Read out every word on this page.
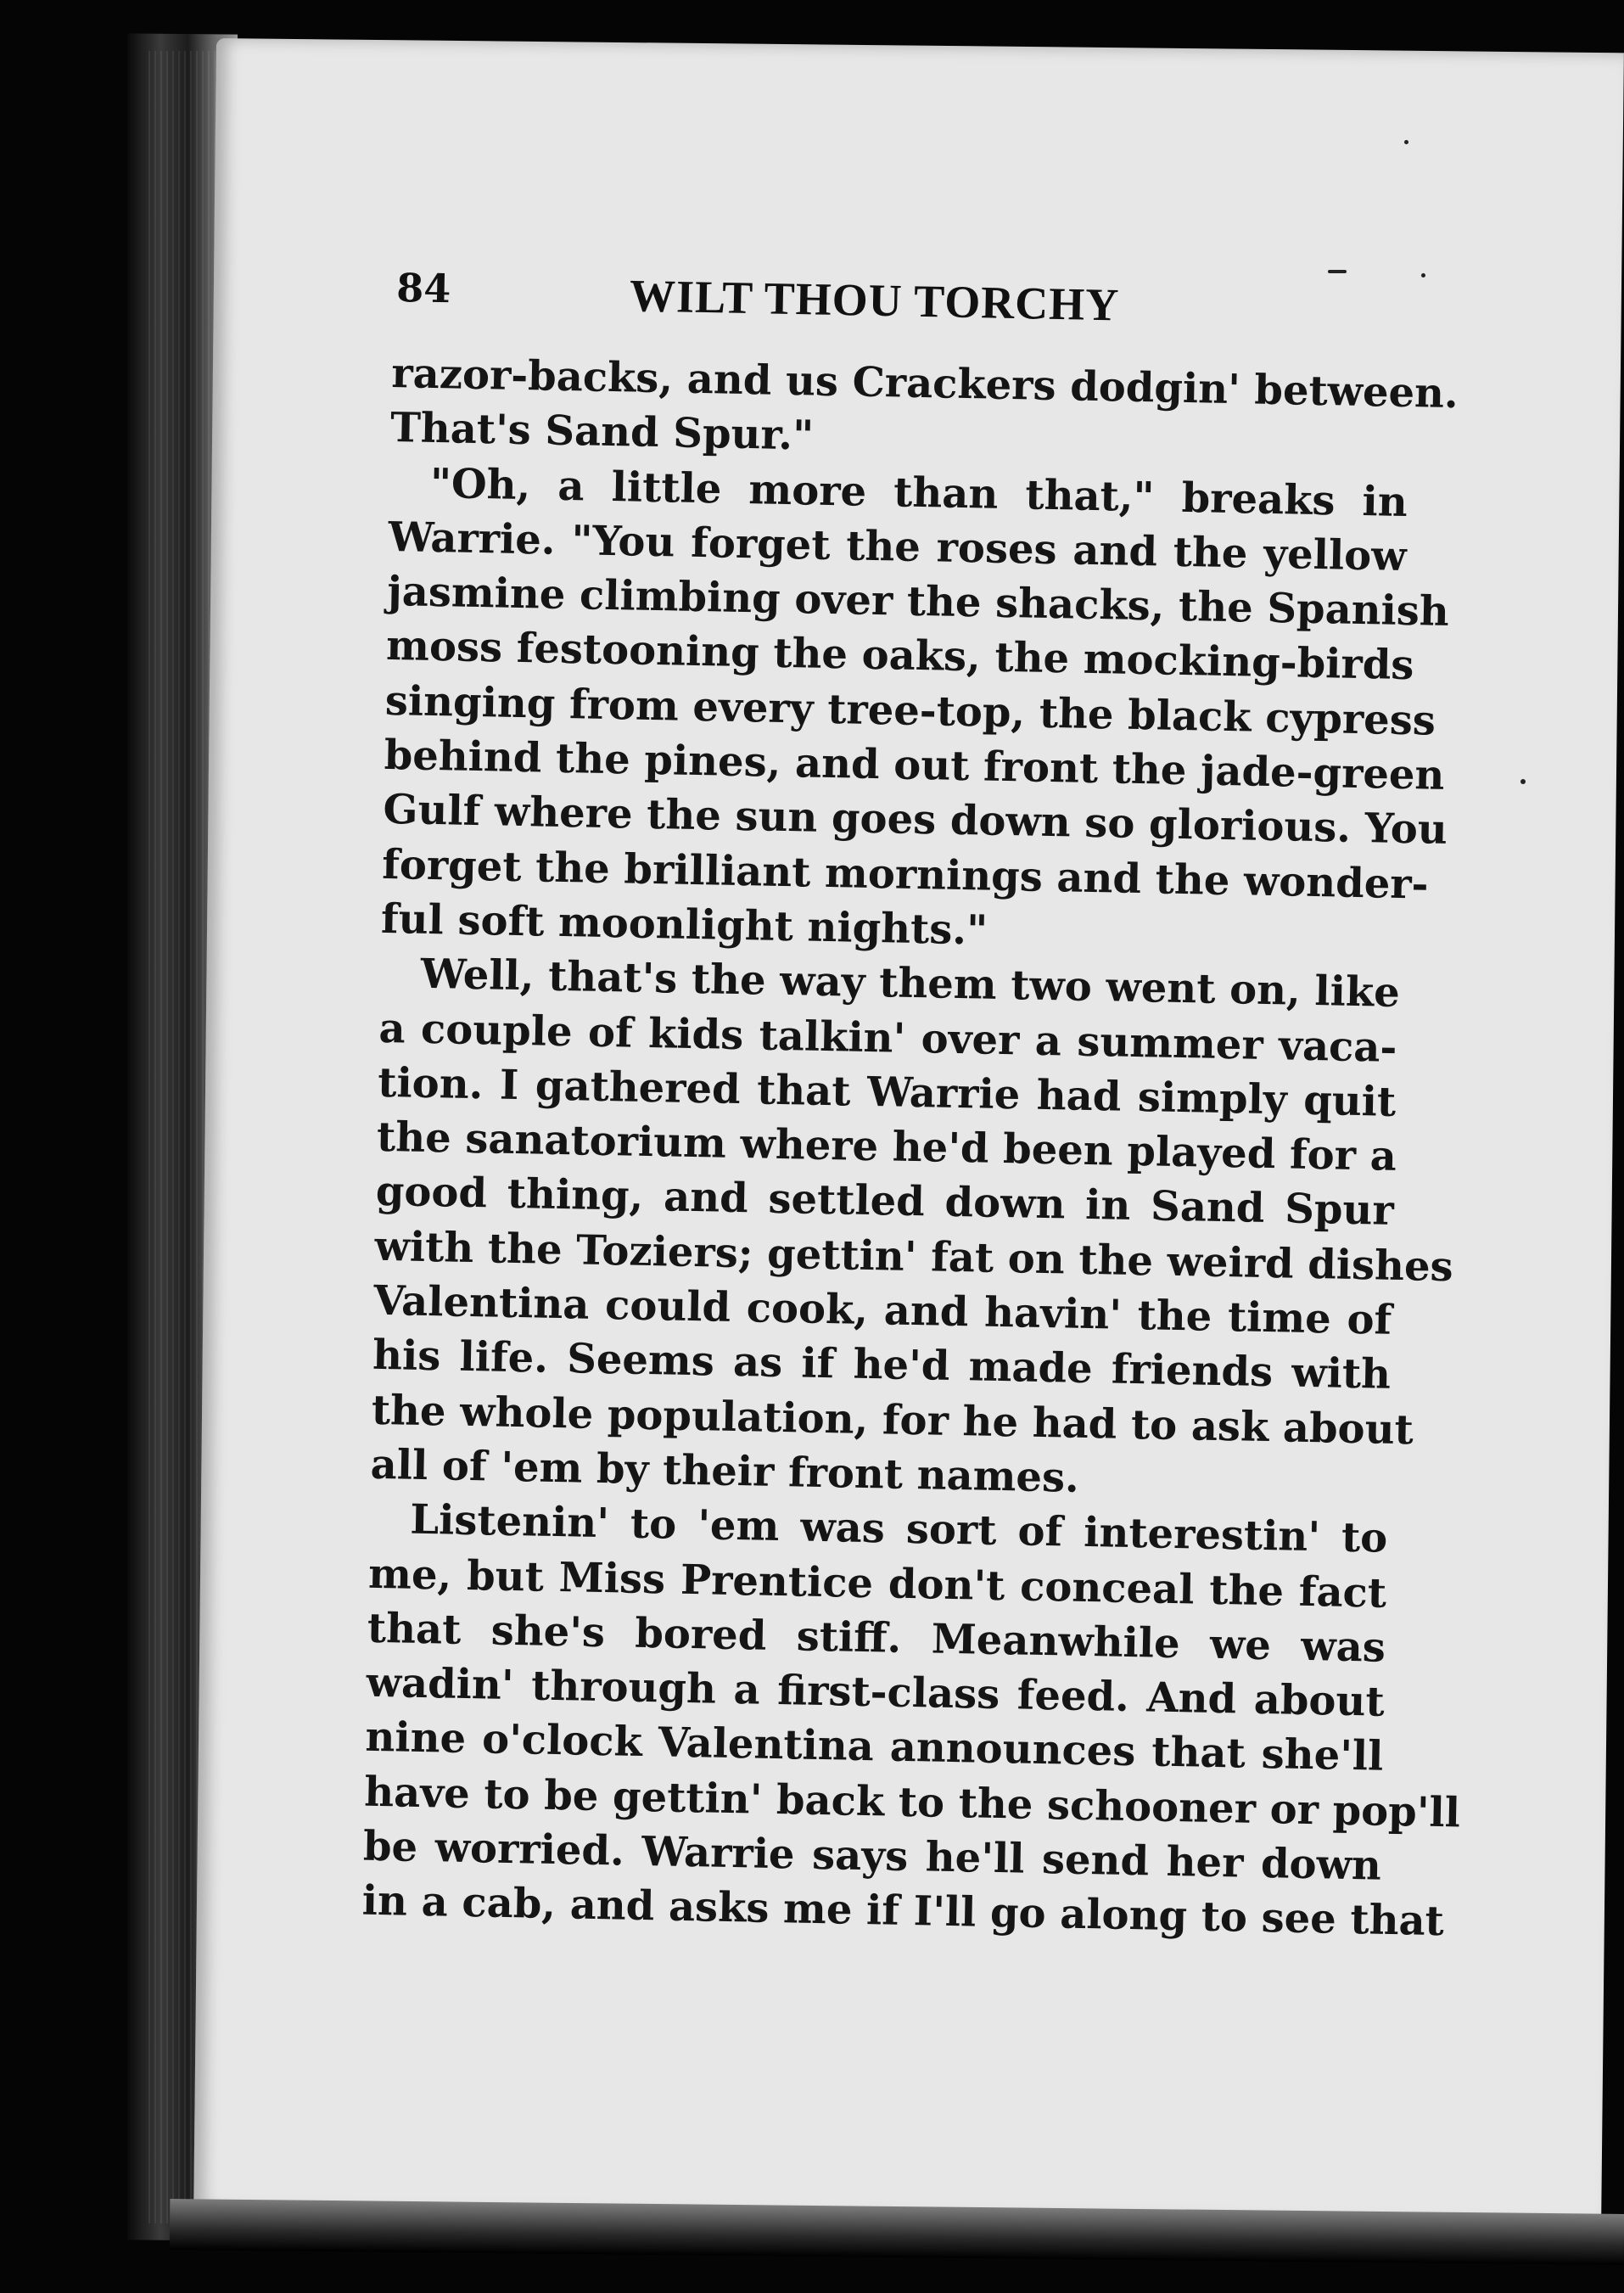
84	WILT THOU TORCHY
razor-backs, and us Crackers dodgin' between.
That's Sand Spur."
"Oh, a little more than that," breaks in
Warrie. "You forget the roses and the yellow
jasmine climbing over the shacks, the Spanish
moss festooning the oaks, the mocking-birds
singing from every tree-top, the black cypress
behind the pines, and out front the jade-green
Gulf where the sun goes down so glorious. You
forget the brilliant mornings and the wonder-
ful soft moonlight nights."
Well, that's the way them two went on, like
a couple of kids talkin' over a summer vaca-
tion. I gathered that Warrie had simply quit
the sanatorium where he'd been played for a
good thing, and settled down in Sand Spur
with the Toziers; gettin' fat on the weird dishes
Valentina could cook, and havin' the time of
his life. Seems as if he'd made friends with
the whole population, for he had to ask about
all of 'em by their front names.
Listenin' to 'em was sort of interestin' to
me, but Miss Prentice don't conceal the fact
that she's bored stiff. Meanwhile we was
wadin' through a first-class feed. And about
nine o'clock Valentina announces that she'll
have to be gettin' back to the schooner or pop'll
be worried. Warrie says he'll send her down
in a cab, and asks me if I'll go along to see that
